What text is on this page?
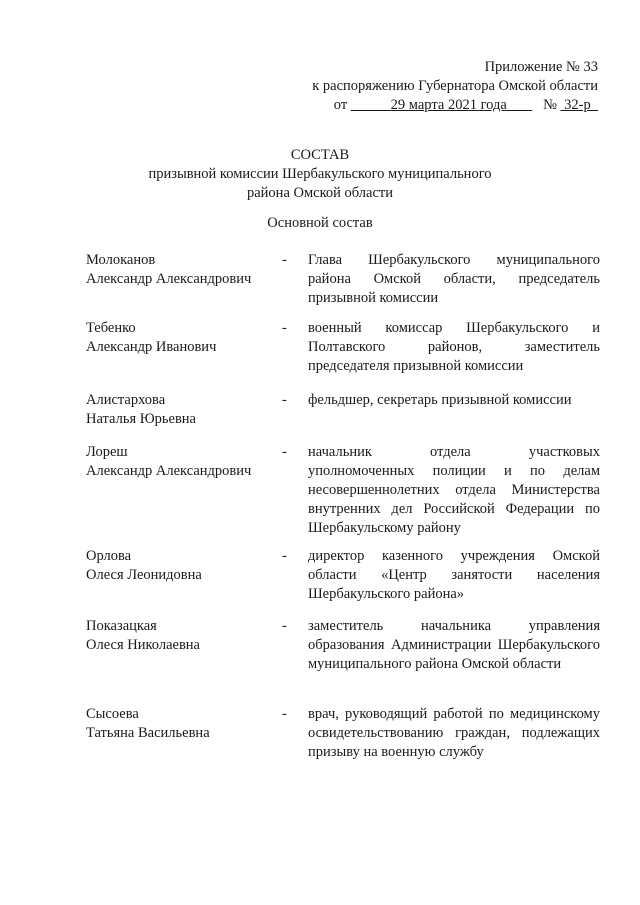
Приложение № 33
к распоряжению Губернатора Омской области
от	29 марта 2021 года	№ 32-р
СОСТАВ
призывной комиссии Шербакульского муниципального
района Омской области
Основной состав
Молоканов
Александр Александрович
-	Глава Шербакульского муниципального района Омской области, председатель призывной комиссии
Тебенко
Александр Иванович
-	военный комиссар Шербакульского и Полтавского районов, заместитель председателя призывной комиссии
Алистархова
Наталья Юрьевна
-	фельдшер, секретарь призывной комиссии
Лореш
Александр Александрович
-	начальник отдела участковых уполномоченных полиции и по делам несовершеннолетних отдела Министерства внутренних дел Российской Федерации по Шербакульскому району
Орлова
Олеся Леонидовна
-	директор казенного учреждения Омской области «Центр занятости населения Шербакульского района»
Показацкая
Олеся Николаевна
-	заместитель начальника управления образования Администрации Шербакульского муниципального района Омской области
Сысоева
Татьяна Васильевна
-	врач, руководящий работой по медицинскому освидетельствованию граждан, подлежащих призыву на военную службу
